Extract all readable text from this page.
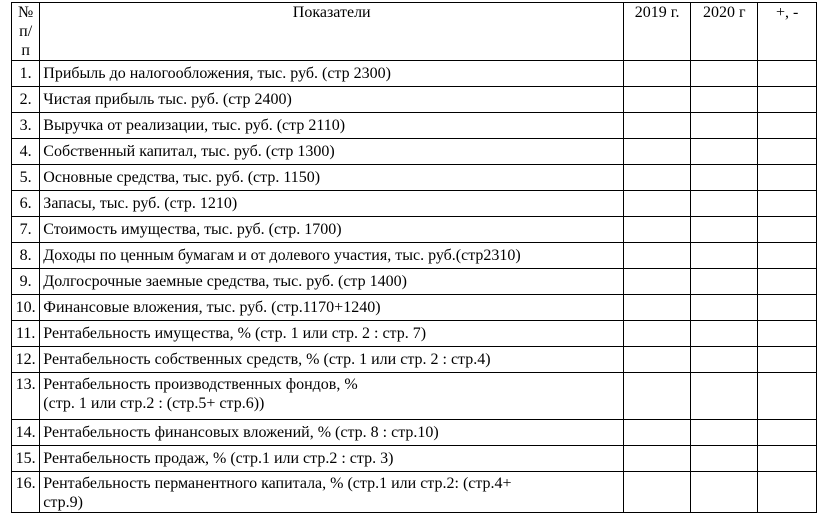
№
п/п	Показатели	2019 г.	2020 г	+, -
1.	Прибыль до налогообложения, тыс. руб. (стр 2300)			

2.	Чистая прибыль тыс. руб. (стр 2400)			

3.	Выручка от реализации, тыс. руб. (стр 2110)			

4.	Собственный капитал, тыс. руб. (стр 1300)			

5.	Основные средства, тыс. руб. (стр. 1150)			

6.	Запасы, тыс. руб. (стр. 1210)			

7.	Стоимость имущества, тыс. руб. (стр. 1700)			

8.	Доходы по ценным бумагам и от долевого участия, тыс. руб.(стр2310)			

9.	Долгосрочные заемные средства, тыс. руб. (стр 1400)			

10.	Финансовые вложения, тыс. руб. (стр.1170+1240)			

11.	Рентабельность имущества, % (стр. 1 или стр. 2 : стр. 7)			

12.	Рентабельность собственных средств, % (стр. 1 или стр. 2 : стр.4)			

13.	Рентабельность производственных фондов, %
(стр. 1 или стр.2 : (стр.5+ стр.6))			

14.	Рентабельность финансовых вложений, % (стр. 8 : стр.10)			

15.	Рентабельность продаж, % (стр.1 или стр.2 : стр. 3)			

16.	Рентабельность перманентного капитала, % (стр.1 или стр.2: (стр.4+
стр.9)			
